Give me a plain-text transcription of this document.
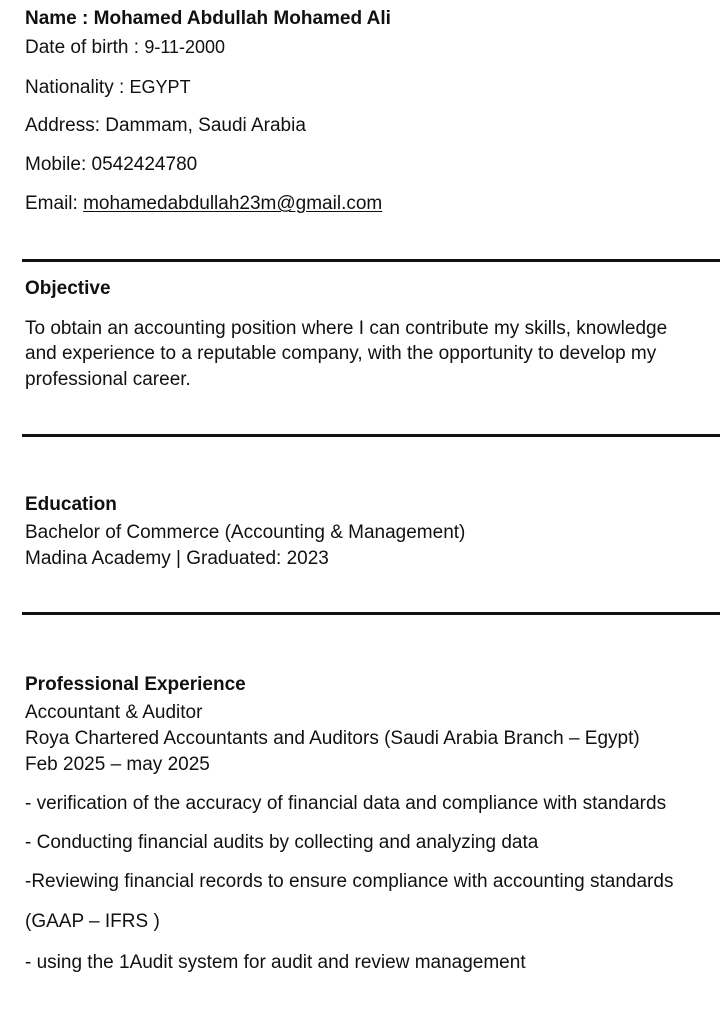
Name : Mohamed Abdullah Mohamed Ali
Date of birth : 9-11-2000
Nationality : EGYPT
Address: Dammam, Saudi Arabia
Mobile: 0542424780
Email: mohamedabdullah23m@gmail.com
Objective
To obtain an accounting position where I can contribute my skills, knowledge
and experience to a reputable company, with the opportunity to develop my
professional career.
Education
Bachelor of Commerce (Accounting & Management)
Madina Academy | Graduated: 2023
Professional Experience
Accountant & Auditor
Roya Chartered Accountants and Auditors (Saudi Arabia Branch – Egypt)
Feb 2025 – may 2025
- verification of the accuracy of financial data and compliance with standards
- Conducting financial audits by collecting and analyzing data
-Reviewing financial records to ensure compliance with accounting standards
(GAAP – IFRS )
- using the 1Audit system for audit and review management
